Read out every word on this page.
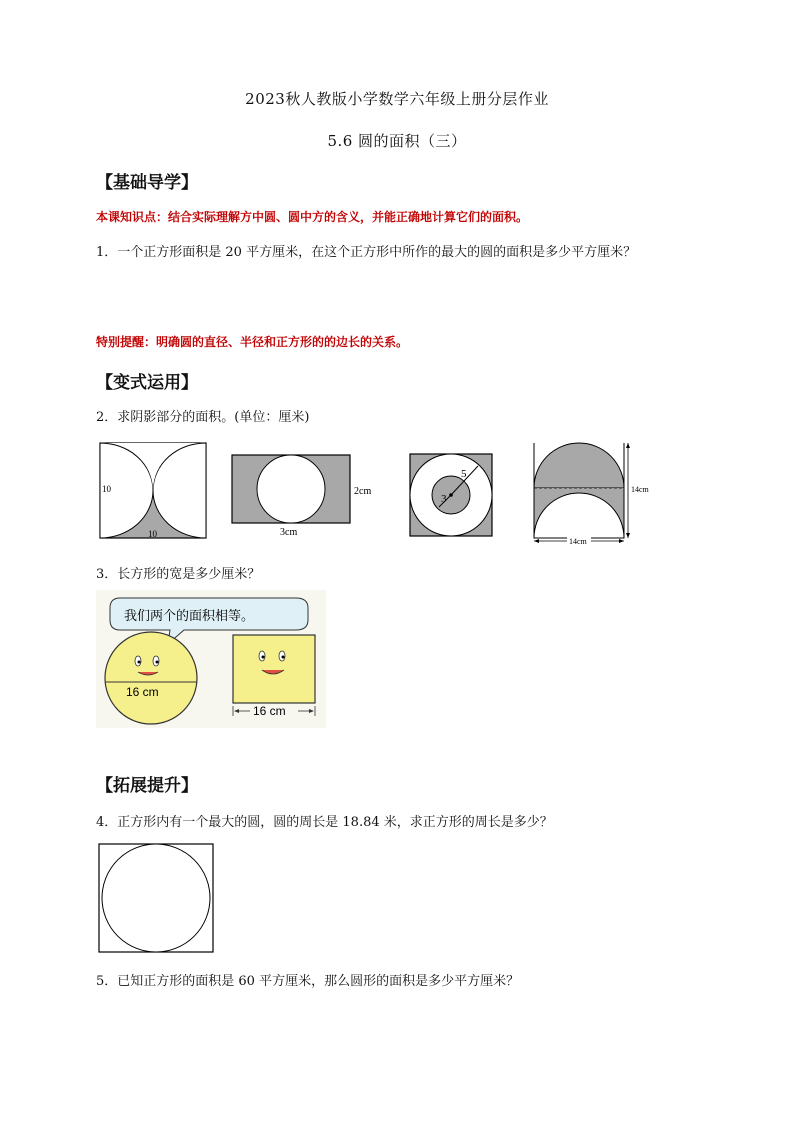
2023秋人教版小学数学六年级上册分层作业
5.6 圆的面积（三）
【基础导学】
本课知识点：结合实际理解方中圆、圆中方的含义，并能正确地计算它们的面积。
1．一个正方形面积是 20 平方厘米，在这个正方形中所作的最大的圆的面积是多少平方厘米？
特别提醒：明确圆的直径、半径和正方形的的边长的关系。
【变式运用】
2．求阴影部分的面积。(单位：厘米)
10
10
2cm
3cm
5
3
14cm
14cm
3．长方形的宽是多少厘米？
我们两个的面积相等。
16 cm
16 cm
【拓展提升】
4．正方形内有一个最大的圆，圆的周长是 18.84 米，求正方形的周长是多少？
5．已知正方形的面积是 60 平方厘米，那么圆形的面积是多少平方厘米？
